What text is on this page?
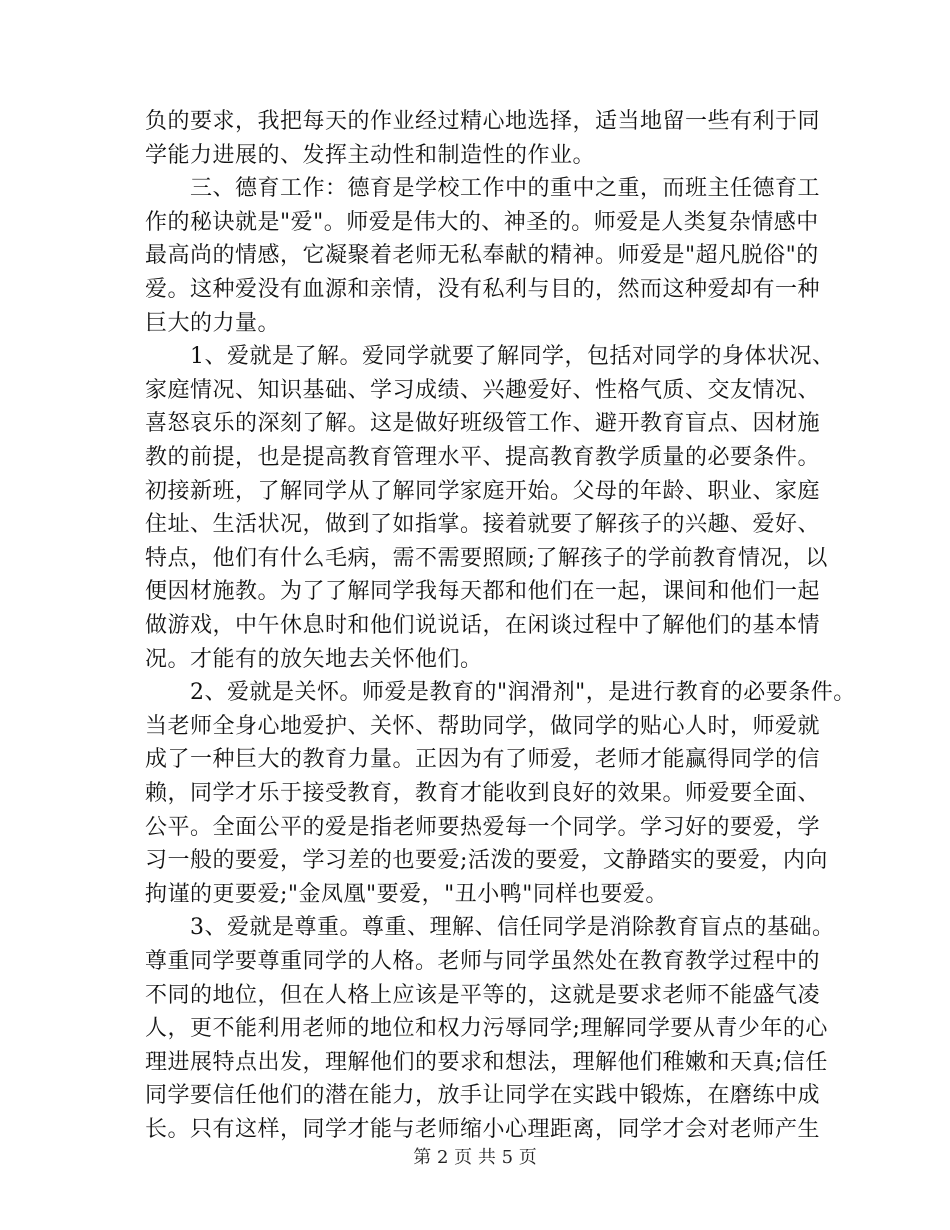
负的要求，我把每天的作业经过精心地选择，适当地留一些有利于同
学能力进展的、发挥主动性和制造性的作业。
　　三、德育工作：德育是学校工作中的重中之重，而班主任德育工
作的秘诀就是"爱"。师爱是伟大的、神圣的。师爱是人类复杂情感中
最高尚的情感，它凝聚着老师无私奉献的精神。师爱是"超凡脱俗"的
爱。这种爱没有血源和亲情，没有私利与目的，然而这种爱却有一种
巨大的力量。
　　1、爱就是了解。爱同学就要了解同学，包括对同学的身体状况、
家庭情况、知识基础、学习成绩、兴趣爱好、性格气质、交友情况、
喜怒哀乐的深刻了解。这是做好班级管工作、避开教育盲点、因材施
教的前提，也是提高教育管理水平、提高教育教学质量的必要条件。
初接新班，了解同学从了解同学家庭开始。父母的年龄、职业、家庭
住址、生活状况，做到了如指掌。接着就要了解孩子的兴趣、爱好、
特点，他们有什么毛病，需不需要照顾;了解孩子的学前教育情况，以
便因材施教。为了了解同学我每天都和他们在一起，课间和他们一起
做游戏，中午休息时和他们说说话，在闲谈过程中了解他们的基本情
况。才能有的放矢地去关怀他们。
　　2、爱就是关怀。师爱是教育的"润滑剂"，是进行教育的必要条件。
当老师全身心地爱护、关怀、帮助同学，做同学的贴心人时，师爱就
成了一种巨大的教育力量。正因为有了师爱，老师才能赢得同学的信
赖，同学才乐于接受教育，教育才能收到良好的效果。师爱要全面、
公平。全面公平的爱是指老师要热爱每一个同学。学习好的要爱，学
习一般的要爱，学习差的也要爱;活泼的要爱，文静踏实的要爱，内向
拘谨的更要爱;"金凤凰"要爱，"丑小鸭"同样也要爱。
　　3、爱就是尊重。尊重、理解、信任同学是消除教育盲点的基础。
尊重同学要尊重同学的人格。老师与同学虽然处在教育教学过程中的
不同的地位，但在人格上应该是平等的，这就是要求老师不能盛气凌
人，更不能利用老师的地位和权力污辱同学;理解同学要从青少年的心
理进展特点出发，理解他们的要求和想法，理解他们稚嫩和天真;信任
同学要信任他们的潜在能力，放手让同学在实践中锻炼，在磨练中成
长。只有这样，同学才能与老师缩小心理距离，同学才会对老师产生
第 2 页 共 5 页
